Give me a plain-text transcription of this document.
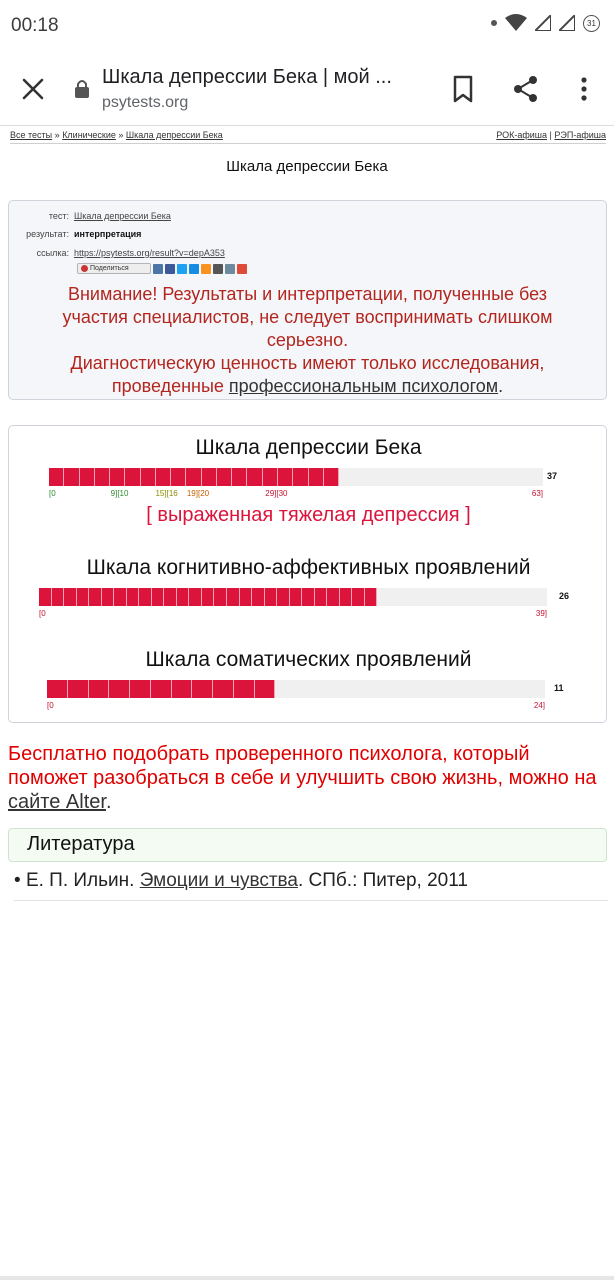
00:18	31
Шкала депрессии Бека | мой ...
psytests.org
Все тесты » Клинические » Шкала депрессии Бека	РОК-афиша | РЭП-афиша
Шкала депрессии Бека
тест: Шкала депрессии Бека
результат: интерпретация
ссылка: https://psytests.org/result?v=depA353
Поделиться
Внимание! Результаты и интерпретации, полученные без участия специалистов, не следует воспринимать слишком серьезно.
Диагностическую ценность имеют только исследования, проведенные профессиональным психологом.
Шкала депрессии Бека
37
[0	9][10	15][16 19][20	29][30	63]
[ выраженная тяжелая депрессия ]
Шкала когнитивно-аффективных проявлений
26
[0	39]
Шкала соматических проявлений
11
[0	24]
Бесплатно подобрать проверенного психолога, который поможет разобраться в себе и улучшить свою жизнь, можно на сайте Alter.
Литература
• Е. П. Ильин. Эмоции и чувства. СПб.: Питер, 2011
